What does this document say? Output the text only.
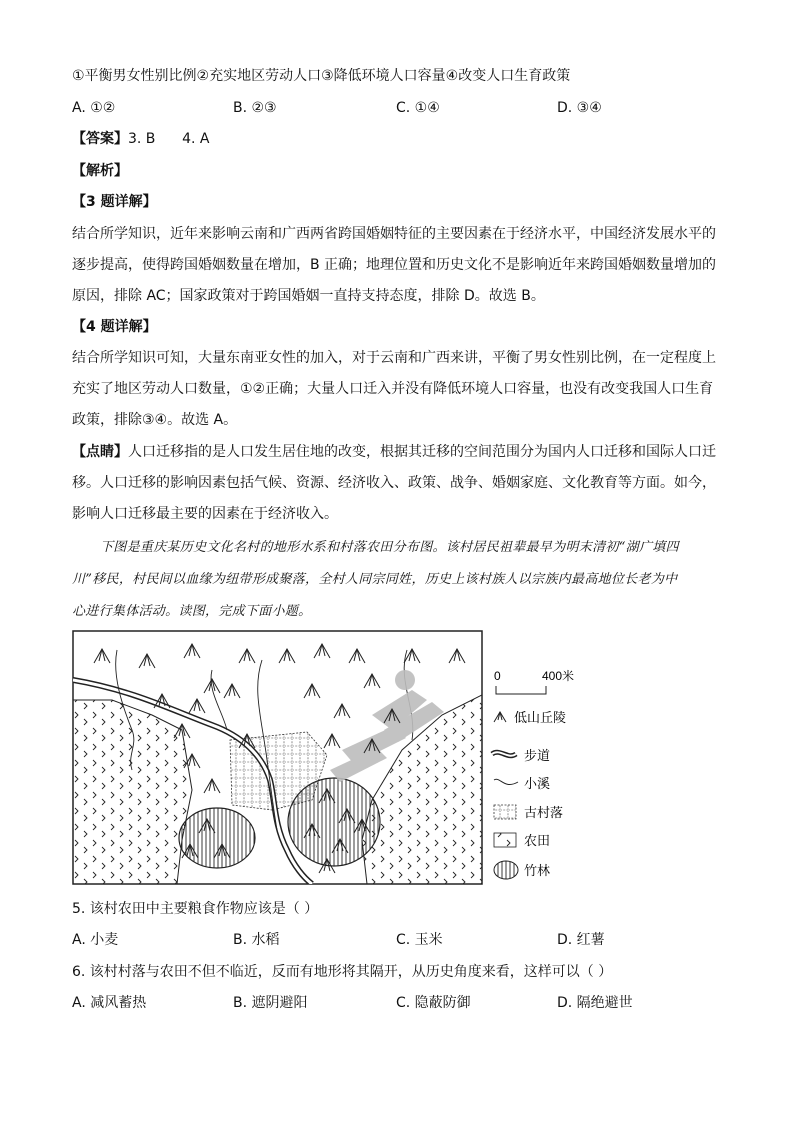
①平衡男女性别比例②充实地区劳动人口③降低环境人口容量④改变人口生育政策
A. ①②	B. ②③	C. ①④	D. ③④
【答案】3. B      4. A
【解析】
【3 题详解】
结合所学知识，近年来影响云南和广西两省跨国婚姻特征的主要因素在于经济水平，中国经济发展水平的
逐步提高，使得跨国婚姻数量在增加，B 正确；地理位置和历史文化不是影响近年来跨国婚姻数量增加的
原因，排除 AC；国家政策对于跨国婚姻一直持支持态度，排除 D。故选 B。
【4 题详解】
结合所学知识可知，大量东南亚女性的加入，对于云南和广西来讲，平衡了男女性别比例，在一定程度上
充实了地区劳动人口数量，①②正确；大量人口迁入并没有降低环境人口容量，也没有改变我国人口生育
政策，排除③④。故选 A。
【点睛】人口迁移指的是人口发生居住地的改变，根据其迁移的空间范围分为国内人口迁移和国际人口迁
移。人口迁移的影响因素包括气候、资源、经济收入、政策、战争、婚姻家庭、文化教育等方面。如今，
影响人口迁移最主要的因素在于经济收入。
下图是重庆某历史文化名村的地形水系和村落农田分布图。该村居民祖辈最早为明末清初“湖广填四
川”移民，村民间以血缘为纽带形成聚落，全村人同宗同姓，历史上该村族人以宗族内最高地位长老为中
心进行集体活动。读图，完成下面小题。
0	400米
低山丘陵
步道
小溪
古村落
农田
竹林
5. 该村农田中主要粮食作物应该是（ ）
A. 小麦	B. 水稻	C. 玉米	D. 红薯
6. 该村村落与农田不但不临近，反而有地形将其隔开，从历史角度来看，这样可以（ ）
A. 减风蓄热	B. 遮阴避阳	C. 隐蔽防御	D. 隔绝避世
